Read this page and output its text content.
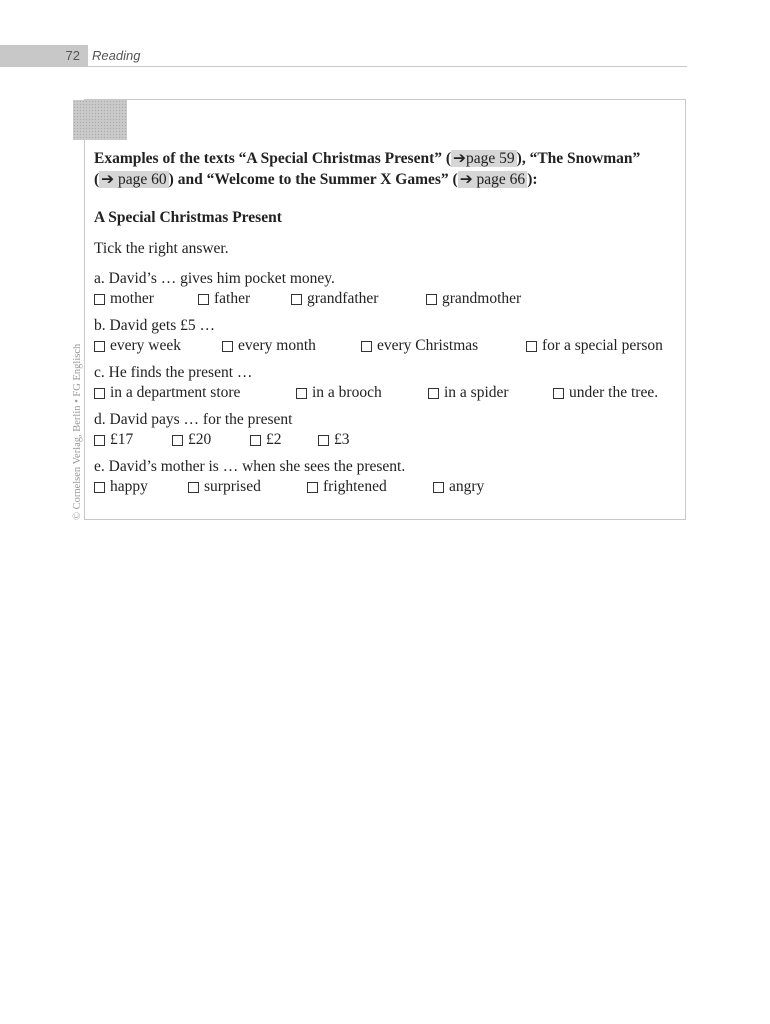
72 Reading
© Cornelsen Verlag, Berlin • FG Englisch
Examples of the texts “A Special Christmas Present” ( ➔page 59 ), “The Snowman”
( ➔ page 60 ) and “Welcome to the Summer X Games” ( ➔ page 66 ):
A Special Christmas Present
Tick the right answer.
a. David’s … gives him pocket money.
mother	father	grandfather	grandmother
b. David gets £5 …
every week	every month	every Christmas	for a special person
c. He finds the present …
in a department store	in a brooch	in a spider	under the tree.
d. David pays … for the present
£17	£20	£2	£3
e. David’s mother is … when she sees the present.
happy	surprised	frightened	angry
